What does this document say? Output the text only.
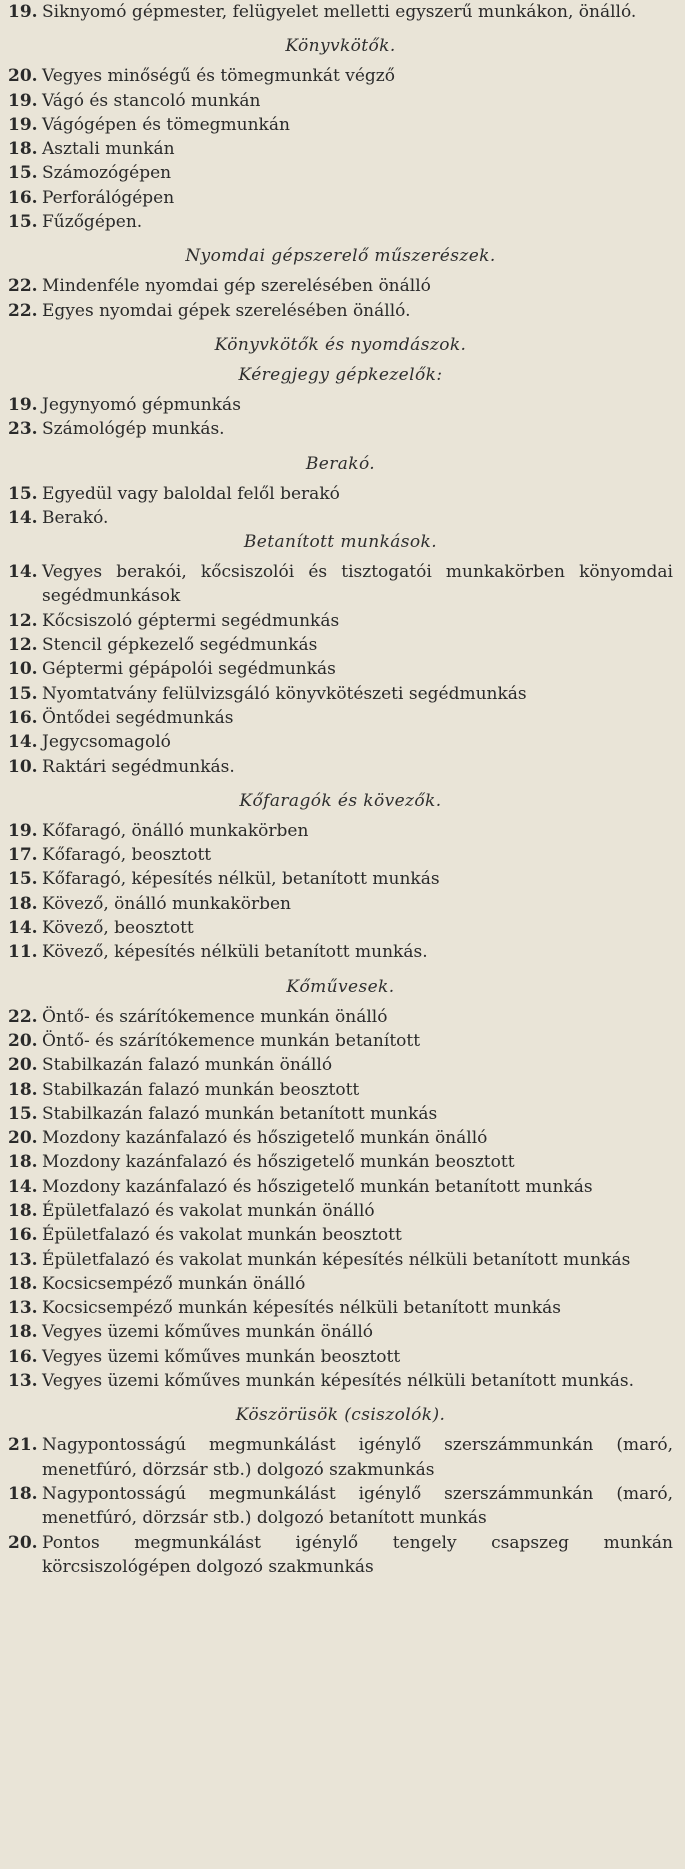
19. Siknyomó gépmester, felügyelet melletti egyszerű munkákon, önálló.
Könyvkötők.
20. Vegyes minőségű és tömegmunkát végző
19. Vágó és stancoló munkán
19. Vágógépen és tömegmunkán
18. Asztali munkán
15. Számozógépen
16. Perforálógépen
15. Fűzőgépen.
Nyomdai gépszerelő műszerészek.
22. Mindenféle nyomdai gép szerelésében önálló
22. Egyes nyomdai gépek szerelésében önálló.
Könyvkötők és nyomdászok.
Kéregjegy gépkezelők:
19. Jegynyomó gépmunkás
23. Számológép munkás.
Berakó.
15. Egyedül vagy baloldal felől berakó
14. Berakó.
Betanított munkások.
14. Vegyes berakói, kőcsiszolói és tisztogatói munkakörben könyomdai segédmunkások
12. Kőcsiszoló géptermi segédmunkás
12. Stencil gépkezelő segédmunkás
10. Géptermi gépápolói segédmunkás
15. Nyomtatvány felülvizsgáló könyvkötészeti segédmunkás
16. Öntődei segédmunkás
14. Jegycsomagoló
10. Raktári segédmunkás.
Kőfaragók és kövezők.
19. Kőfaragó, önálló munkakörben
17. Kőfaragó, beosztott
15. Kőfaragó, képesítés nélkül, betanított munkás
18. Kövező, önálló munkakörben
14. Kövező, beosztott
11. Kövező, képesítés nélküli betanított munkás.
Kőművesek.
22. Öntő- és szárítókemence munkán önálló
20. Öntő- és szárítókemence munkán betanított
20. Stabilkazán falazó munkán önálló
18. Stabilkazán falazó munkán beosztott
15. Stabilkazán falazó munkán betanított munkás
20. Mozdony kazánfalazó és hőszigetelő munkán önálló
18. Mozdony kazánfalazó és hőszigetelő munkán beosztott
14. Mozdony kazánfalazó és hőszigetelő munkán betanított munkás
18. Épületfalazó és vakolat munkán önálló
16. Épületfalazó és vakolat munkán beosztott
13. Épületfalazó és vakolat munkán képesítés nélküli betanított munkás
18. Kocsicsempéző munkán önálló
13. Kocsicsempéző munkán képesítés nélküli betanított munkás
18. Vegyes üzemi kőműves munkán önálló
16. Vegyes üzemi kőműves munkán beosztott
13. Vegyes üzemi kőműves munkán képesítés nélküli betanított munkás.
Köszörüsök (csiszolók).
21. Nagypontosságú megmunkálást igénylő szerszámmunkán (maró, menetfúró, dörzsár stb.) dolgozó szakmunkás
18. Nagypontosságú megmunkálást igénylő szerszámmunkán (maró, menetfúró, dörzsár stb.) dolgozó betanított munkás
20. Pontos megmunkálást igénylő tengely csapszeg munkán körcsiszológépen dolgozó szakmunkás
